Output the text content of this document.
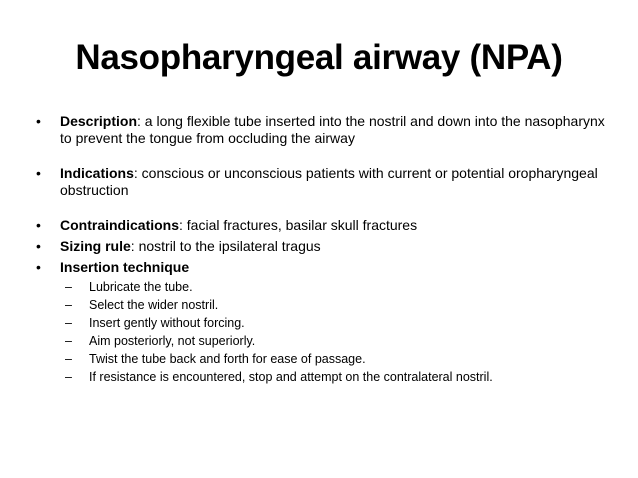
Nasopharyngeal airway (NPA)
•	Description: a long flexible tube inserted into the nostril and down into the nasopharynx to prevent the tongue from occluding the airway
•	Indications: conscious or unconscious patients with current or potential oropharyngeal obstruction
•	Contraindications: facial fractures, basilar skull fractures
•	Sizing rule: nostril to the ipsilateral tragus
•	Insertion technique
– Lubricate the tube.
– Select the wider nostril.
– Insert gently without forcing.
– Aim posteriorly, not superiorly.
– Twist the tube back and forth for ease of passage.
– If resistance is encountered, stop and attempt on the contralateral nostril.
